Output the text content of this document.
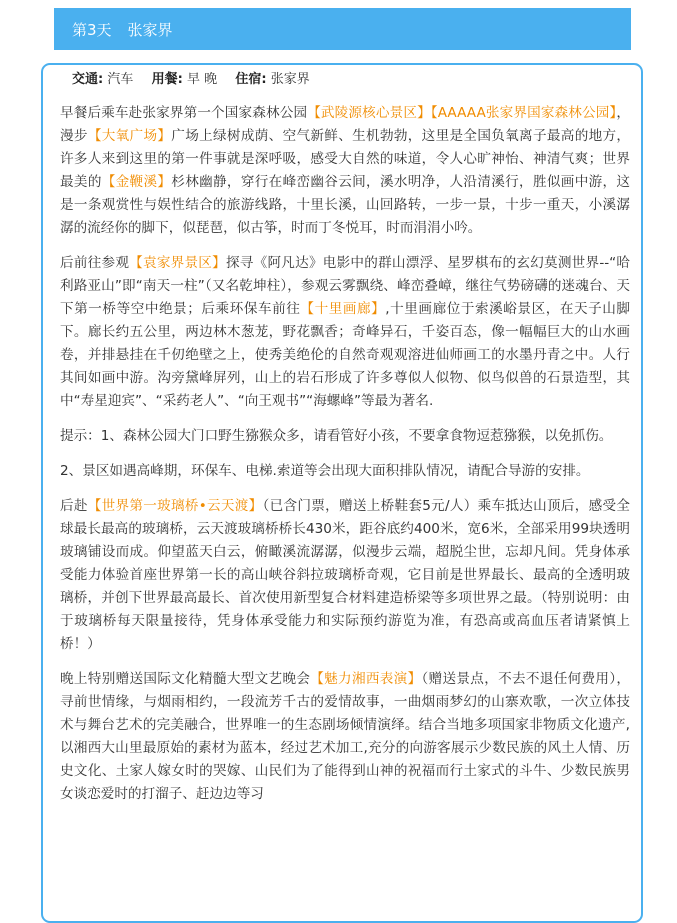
第3天 张家界
交通: 汽车 用餐: 早 晚 住宿: 张家界

早餐后乘车赴张家界第一个国家森林公园【武陵源核心景区】【AAAAA张家界国家森林公园】，漫步【大氧广场】广场上绿树成荫、空气新鲜、生机勃勃，这里是全国负氧离子最高的地方，许多人来到这里的第一件事就是深呼吸，感受大自然的味道，令人心旷神怡、神清气爽；世界最美的【金鞭溪】杉林幽静，穿行在峰峦幽谷云间，溪水明净，人沿清溪行，胜似画中游，这是一条观赏性与娱性结合的旅游线路，十里长溪，山回路转，一步一景，十步一重天，小溪潺潺的流经你的脚下，似琵琶，似古筝，时而丁冬悦耳，时而涓涓小吟。

后前往参观【袁家界景区】探寻《阿凡达》电影中的群山漂浮、星罗棋布的玄幻莫测世界--“哈利路亚山”即“南天一柱”（又名乾坤柱），参观云雾飘绕、峰峦叠嶂，继往气势磅礴的迷魂台、天下第一桥等空中绝景；后乘环保车前往【十里画廊】,十里画廊位于索溪峪景区，在天子山脚下。廊长约五公里，两边林木葱茏，野花飘香；奇峰异石，千姿百态，像一幅幅巨大的山水画卷，并排悬挂在千仞绝壁之上，使秀美绝伦的自然奇观观溶进仙师画工的水墨丹青之中。人行其间如画中游。沟旁黛峰屏列，山上的岩石形成了许多尊似人似物、似鸟似兽的石景造型，其中“寿星迎宾”、“采药老人”、“向王观书”“海螺峰”等最为著名.

提示：1、森林公园大门口野生猕猴众多，请看管好小孩，不要拿食物逗惹猕猴，以免抓伤。

2、景区如遇高峰期，环保车、电梯.索道等会出现大面积排队情况，请配合导游的安排。

后赴【世界第一玻璃桥•云天渡】（已含门票，赠送上桥鞋套5元/人）乘车抵达山顶后，感受全球最长最高的玻璃桥，云天渡玻璃桥桥长430米，距谷底约400米，宽6米，全部采用99块透明玻璃铺设而成。仰望蓝天白云，俯瞰溪流潺潺，似漫步云端，超脱尘世，忘却凡间。凭身体承受能力体验首座世界第一长的高山峡谷斜拉玻璃桥奇观，它目前是世界最长、最高的全透明玻璃桥，并创下世界最高最长、首次使用新型复合材料建造桥梁等多项世界之最。（特别说明：由于玻璃桥每天限量接待，凭身体承受能力和实际预约游览为准，有恐高或高血压者请紧慎上桥！）

晚上特别赠送国际文化精髓大型文艺晚会【魅力湘西表演】（赠送景点，不去不退任何费用），寻前世情缘，与烟雨相约，一段流芳千古的爱情故事，一曲烟雨梦幻的山寨欢歌，一次立体技术与舞台艺术的完美融合，世界唯一的生态剧场倾情演绎。结合当地多项国家非物质文化遗产,以湘西大山里最原始的素材为蓝本，经过艺术加工,充分的向游客展示少数民族的风土人情、历史文化、土家人嫁女时的哭嫁、山民们为了能得到山神的祝福而行土家式的斗牛、少数民族男女谈恋爱时的打溜子、赶边边等习
